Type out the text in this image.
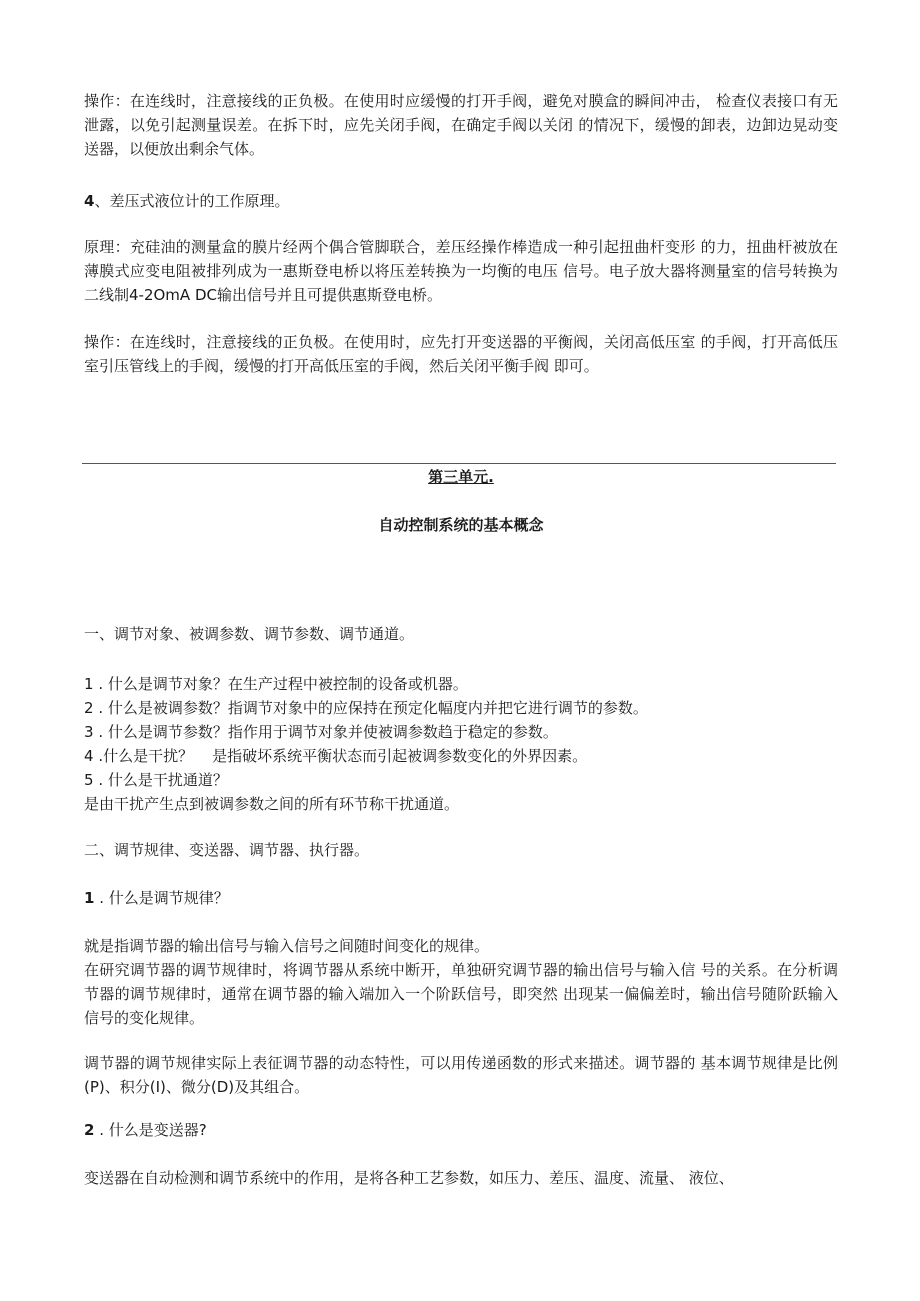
操作：在连线时，注意接线的正负极。在使用时应缓慢的打开手阀，避免对膜盒的瞬间冲击， 检查仪表接口有无泄露，以免引起测量误差。在拆下时，应先关闭手阀，在确定手阀以关闭 的情况下，缓慢的卸表，边卸边晃动变送器，以便放出剩余气体。

4、差压式液位计的工作原理。

原理：充硅油的测量盒的膜片经两个偶合管脚联合，差压经操作棒造成一种引起扭曲杆变形 的力，扭曲杆被放在薄膜式应变电阻被排列成为一惠斯登电桥以将压差转换为一均衡的电压 信号。电子放大器将测量室的信号转换为二线制4-2OmA DC输出信号并且可提供惠斯登电桥。

操作：在连线时，注意接线的正负极。在使用时，应先打开变送器的平衡阀，关闭高低压室 的手阀，打开高低压室引压管线上的手阀，缓慢的打开高低压室的手阀，然后关闭平衡手阀 即可。

第三单元.

自动控制系统的基本概念

一、调节对象、被调参数、调节参数、调节通道。

1 . 什么是调节对象？在生产过程中被控制的设备或机器。

2 . 什么是被调参数？指调节对象中的应保持在预定化幅度内并把它进行调节的参数。

3 . 什么是调节参数？指作用于调节对象并使被调参数趋于稳定的参数。

4 .什么是干扰？    是指破坏系统平衡状态而引起被调参数变化的外界因素。

5 . 什么是干扰通道？

是由干扰产生点到被调参数之间的所有环节称干扰通道。

二、调节规律、变送器、调节器、执行器。

1 . 什么是调节规律？

就是指调节器的输出信号与输入信号之间随时间变化的规律。

在研究调节器的调节规律时，将调节器从系统中断开，单独研究调节器的输出信号与输入信 号的关系。在分析调节器的调节规律时，通常在调节器的输入端加入一个阶跃信号，即突然 出现某一偏偏差时，输出信号随阶跃输入信号的变化规律。

调节器的调节规律实际上表征调节器的动态特性，可以用传递函数的形式来描述。调节器的 基本调节规律是比例(P)、积分(I)、微分(D)及其组合。

2 . 什么是变送器?

变送器在自动检测和调节系统中的作用，是将各种工艺参数，如压力、差压、温度、流量、 液位、
